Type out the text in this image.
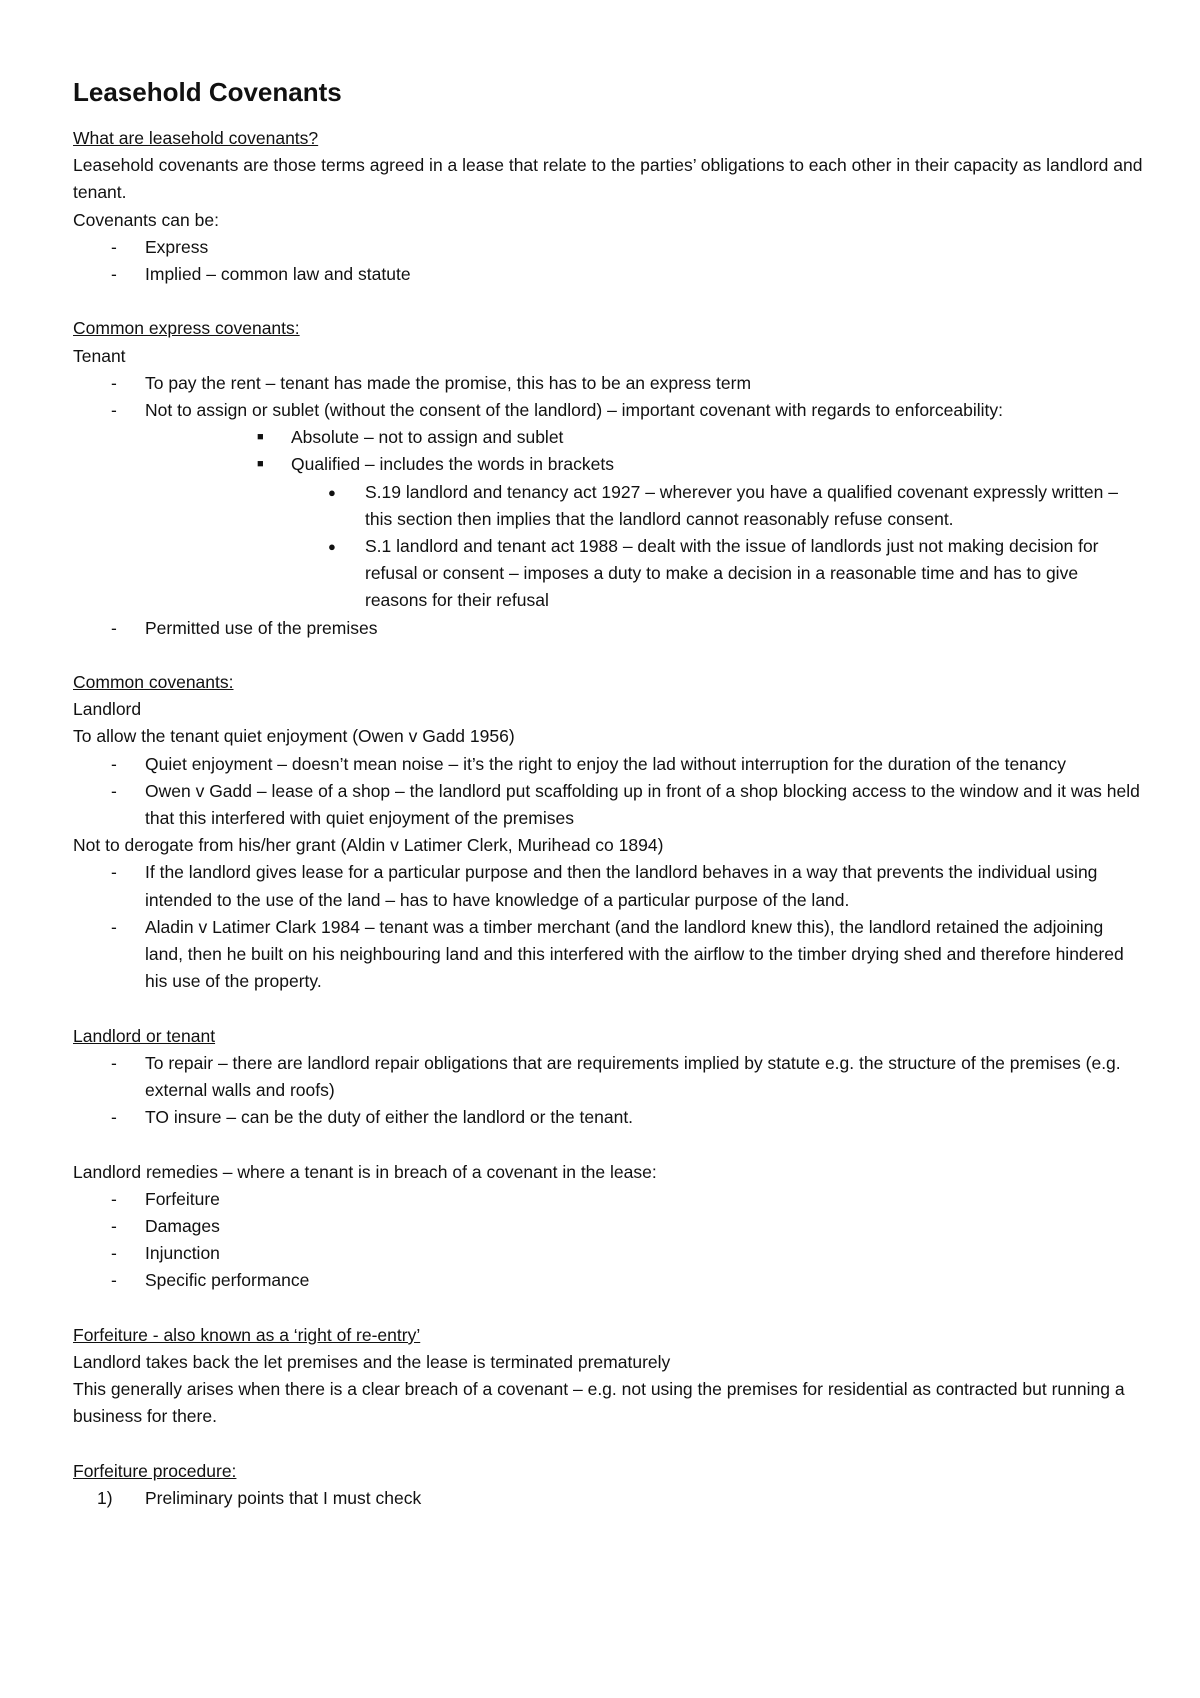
Leasehold Covenants

What are leasehold covenants?

Leasehold covenants are those terms agreed in a lease that relate to the parties’ obligations to each other in their capacity as landlord and tenant.

Covenants can be:

- Express
- Implied – common law and statute

Common express covenants:

Tenant

- To pay the rent – tenant has made the promise, this has to be an express term
- Not to assign or sublet (without the consent of the landlord) – important covenant with regards to enforceability:
■ Absolute – not to assign and sublet
■ Qualified – includes the words in brackets
● S.19 landlord and tenancy act 1927 – wherever you have a qualified covenant expressly written – this section then implies that the landlord cannot reasonably refuse consent.
● S.1 landlord and tenant act 1988 – dealt with the issue of landlords just not making decision for refusal or consent – imposes a duty to make a decision in a reasonable time and has to give reasons for their refusal
- Permitted use of the premises

Common covenants:

Landlord

To allow the tenant quiet enjoyment (Owen v Gadd 1956)

- Quiet enjoyment – doesn’t mean noise – it’s the right to enjoy the lad without interruption for the duration of the tenancy
- Owen v Gadd – lease of a shop – the landlord put scaffolding up in front of a shop blocking access to the window and it was held that this interfered with quiet enjoyment of the premises

Not to derogate from his/her grant (Aldin v Latimer Clerk, Murihead co 1894)

- If the landlord gives lease for a particular purpose and then the landlord behaves in a way that prevents the individual using intended to the use of the land – has to have knowledge of a particular purpose of the land.
- Aladin v Latimer Clark 1984 – tenant was a timber merchant (and the landlord knew this), the landlord retained the adjoining land, then he built on his neighbouring land and this interfered with the airflow to the timber drying shed and therefore hindered his use of the property.

Landlord or tenant

- To repair – there are landlord repair obligations that are requirements implied by statute e.g. the structure of the premises (e.g. external walls and roofs)
- TO insure – can be the duty of either the landlord or the tenant.

Landlord remedies – where a tenant is in breach of a covenant in the lease:

- Forfeiture
- Damages
- Injunction
- Specific performance

Forfeiture - also known as a ‘right of re-entry’

Landlord takes back the let premises and the lease is terminated prematurely

This generally arises when there is a clear breach of a covenant – e.g. not using the premises for residential as contracted but running a business for there.

Forfeiture procedure:

1) Preliminary points that I must check
